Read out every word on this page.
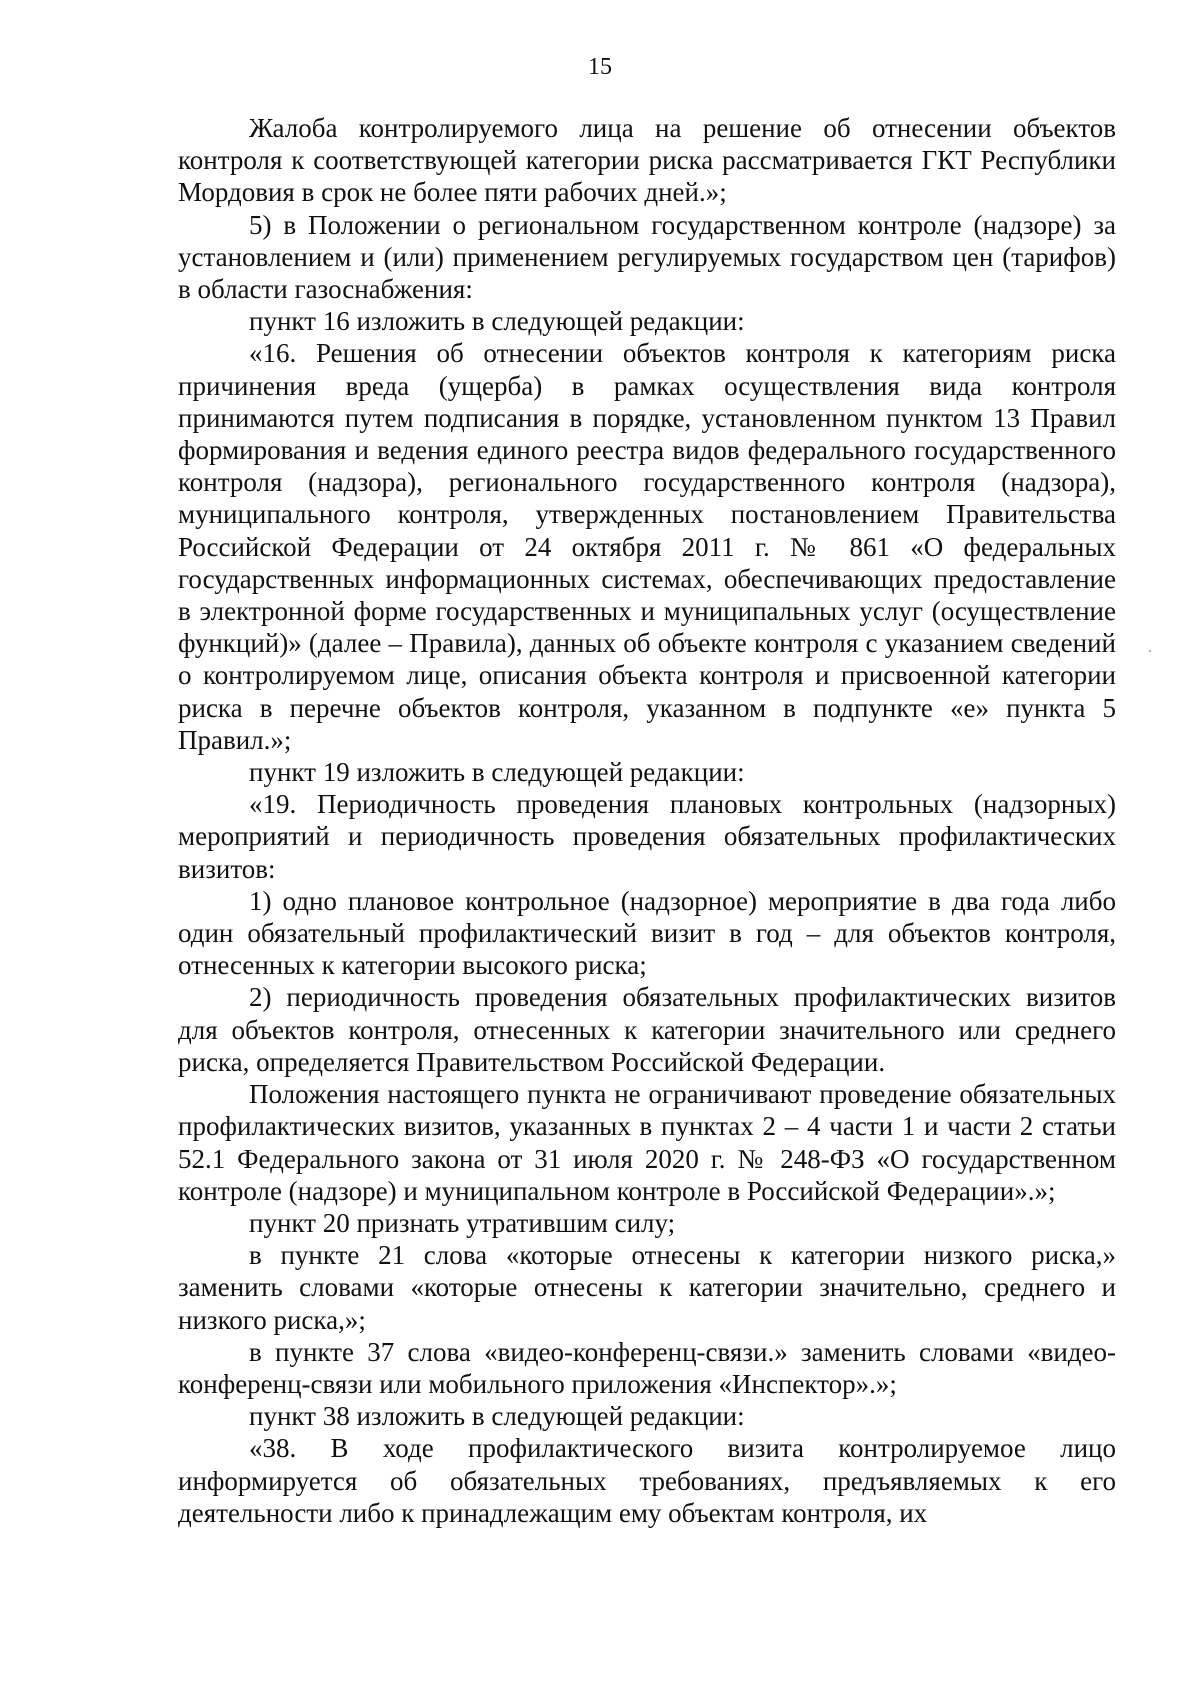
15

Жалоба контролируемого лица на решение об отнесении объектов контроля к соответствующей категории риска рассматривается ГКТ Республики Мордовия в срок не более пяти рабочих дней.»;

5) в Положении о региональном государственном контроле (надзоре) за установлением и (или) применением регулируемых государством цен (тарифов) в области газоснабжения:

пункт 16 изложить в следующей редакции:

«16. Решения об отнесении объектов контроля к категориям риска причинения вреда (ущерба) в рамках осуществления вида контроля принимаются путем подписания в порядке, установленном пунктом 13 Правил формирования и ведения единого реестра видов федерального государственного контроля (надзора), регионального государственного контроля (надзора), муниципального контроля, утвержденных постановлением Правительства Российской Федерации от 24 октября 2011 г. № 861 «О федеральных государственных информационных системах, обеспечивающих предоставление в электронной форме государственных и муниципальных услуг (осуществление функций)» (далее – Правила), данных об объекте контроля с указанием сведений о контролируемом лице, описания объекта контроля и присвоенной категории риска в перечне объектов контроля, указанном в подпункте «е» пункта 5 Правил.»;

пункт 19 изложить в следующей редакции:

«19. Периодичность проведения плановых контрольных (надзорных) мероприятий и периодичность проведения обязательных профилактических визитов:

1) одно плановое контрольное (надзорное) мероприятие в два года либо один обязательный профилактический визит в год – для объектов контроля, отнесенных к категории высокого риска;

2) периодичность проведения обязательных профилактических визитов для объектов контроля, отнесенных к категории значительного или среднего риска, определяется Правительством Российской Федерации.

Положения настоящего пункта не ограничивают проведение обязательных профилактических визитов, указанных в пунктах 2 – 4 части 1 и части 2 статьи 52.1 Федерального закона от 31 июля 2020 г. № 248-ФЗ «О государственном контроле (надзоре) и муниципальном контроле в Российской Федерации».»;

пункт 20 признать утратившим силу;

в пункте 21 слова «которые отнесены к категории низкого риска,» заменить словами «которые отнесены к категории значительно, среднего и низкого риска,»;

в пункте 37 слова «видео-конференц-связи.» заменить словами «видео-конференц-связи или мобильного приложения «Инспектор».»;

пункт 38 изложить в следующей редакции:

«38. В ходе профилактического визита контролируемое лицо информируется об обязательных требованиях, предъявляемых к его деятельности либо к принадлежащим ему объектам контроля, их
